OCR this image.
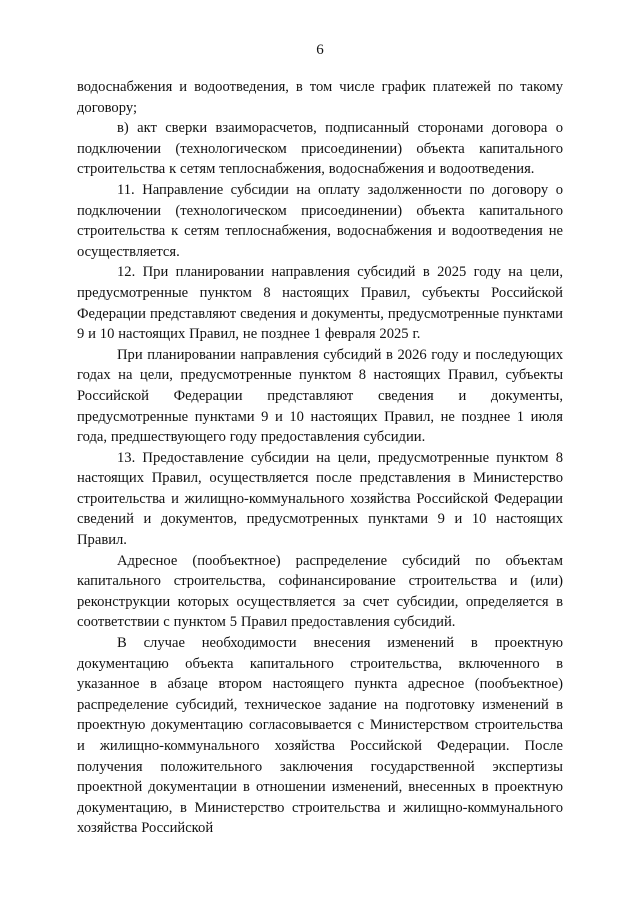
6

водоснабжения и водоотведения, в том числе график платежей по такому договору;

в) акт сверки взаиморасчетов, подписанный сторонами договора о подключении (технологическом присоединении) объекта капитального строительства к сетям теплоснабжения, водоснабжения и водоотведения.

11. Направление субсидии на оплату задолженности по договору о подключении (технологическом присоединении) объекта капитального строительства к сетям теплоснабжения, водоснабжения и водоотведения не осуществляется.

12. При планировании направления субсидий в 2025 году на цели, предусмотренные пунктом 8 настоящих Правил, субъекты Российской Федерации представляют сведения и документы, предусмотренные пунктами 9 и 10 настоящих Правил, не позднее 1 февраля 2025 г.

При планировании направления субсидий в 2026 году и последующих годах на цели, предусмотренные пунктом 8 настоящих Правил, субъекты Российской Федерации представляют сведения и документы, предусмотренные пунктами 9 и 10 настоящих Правил, не позднее 1 июля года, предшествующего году предоставления субсидии.

13. Предоставление субсидии на цели, предусмотренные пунктом 8 настоящих Правил, осуществляется после представления в Министерство строительства и жилищно-коммунального хозяйства Российской Федерации сведений и документов, предусмотренных пунктами 9 и 10 настоящих Правил.

Адресное (пообъектное) распределение субсидий по объектам капитального строительства, софинансирование строительства и (или) реконструкции которых осуществляется за счет субсидии, определяется в соответствии с пунктом 5 Правил предоставления субсидий.

В случае необходимости внесения изменений в проектную документацию объекта капитального строительства, включенного в указанное в абзаце втором настоящего пункта адресное (пообъектное) распределение субсидий, техническое задание на подготовку изменений в проектную документацию согласовывается с Министерством строительства и жилищно-коммунального хозяйства Российской Федерации. После получения положительного заключения государственной экспертизы проектной документации в отношении изменений, внесенных в проектную документацию, в Министерство строительства и жилищно-коммунального хозяйства Российской
